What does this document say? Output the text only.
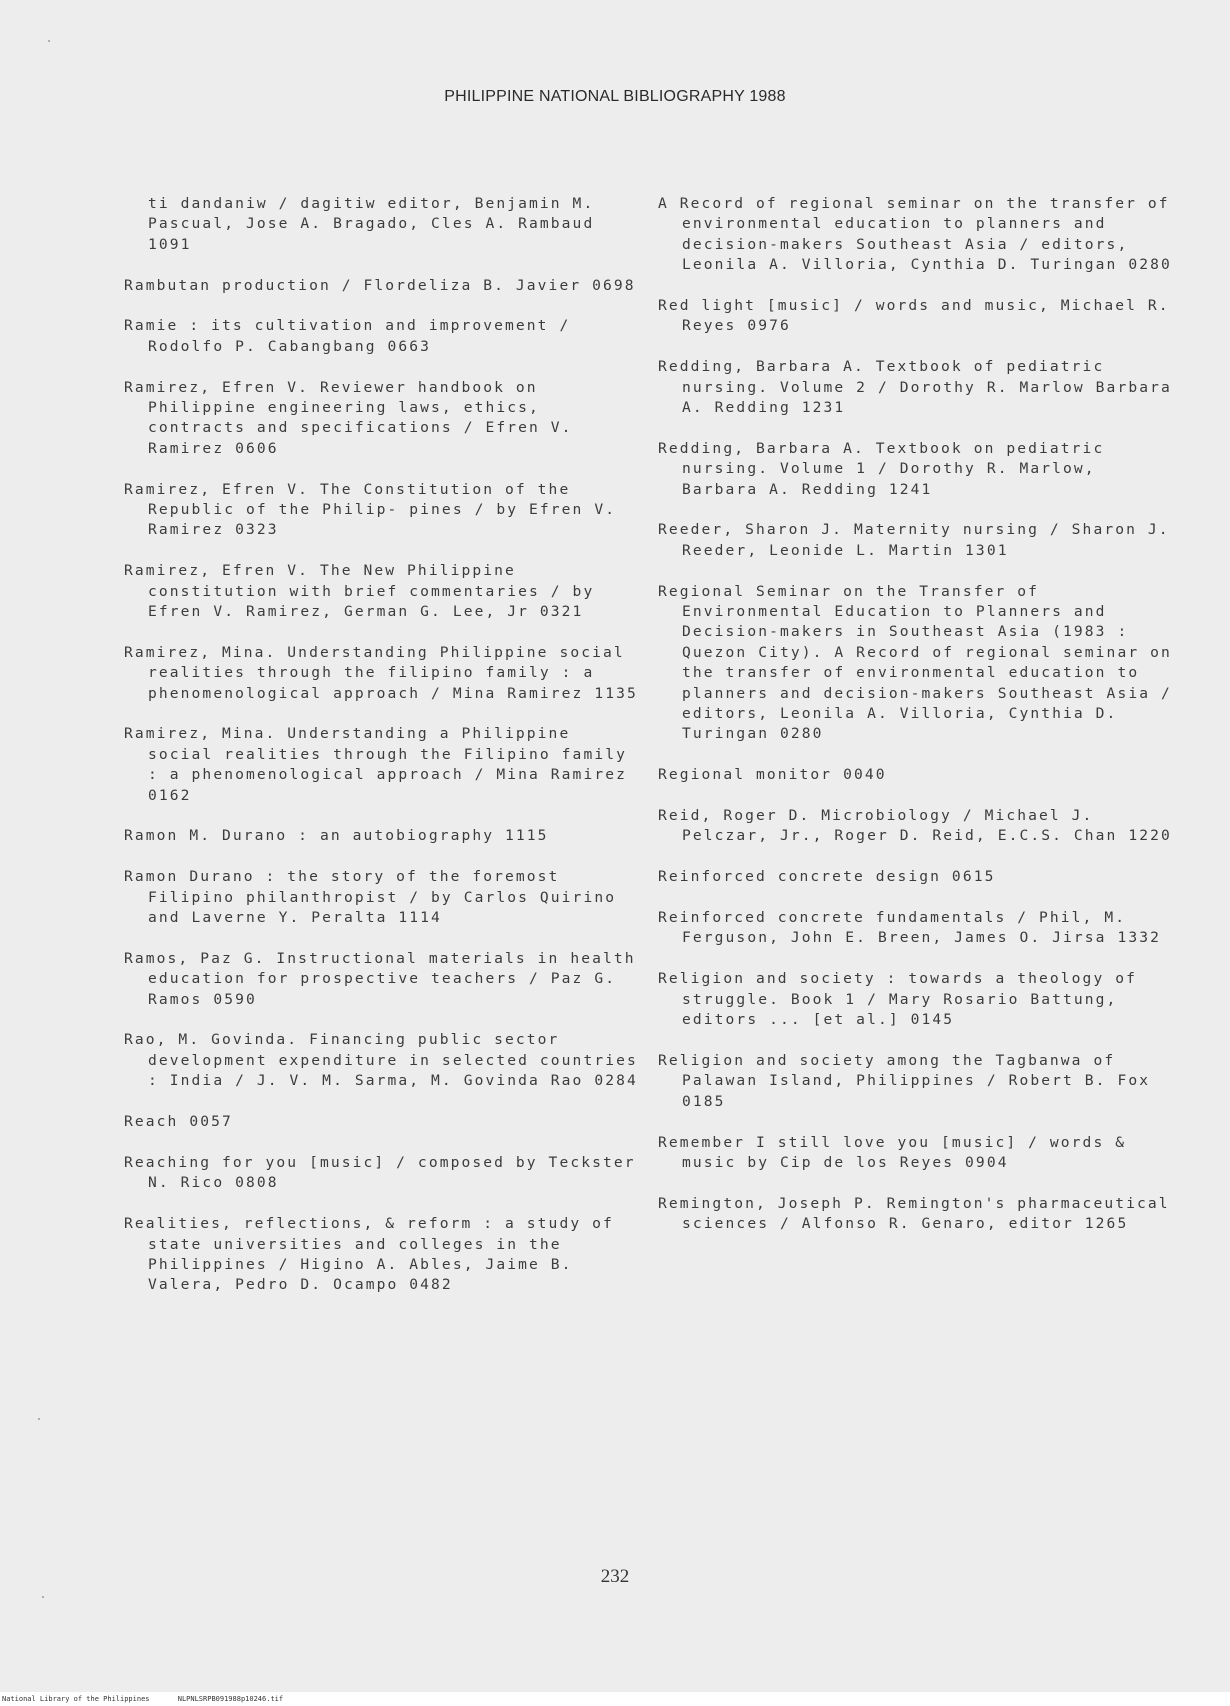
PHILIPPINE NATIONAL BIBLIOGRAPHY 1988
ti dandaniw / dagitiw editor, Benjamin M. Pascual, Jose A. Bragado, Cles A. Rambaud 1091
Rambutan production / Flordeliza B. Javier 0698
Ramie : its cultivation and improvement / Rodolfo P. Cabangbang 0663
Ramirez, Efren V. Reviewer handbook on Philippine engineering laws, ethics, contracts and specifications / Efren V. Ramirez 0606
Ramirez, Efren V. The Constitution of the Republic of the Philip- pines / by Efren V. Ramirez 0323
Ramirez, Efren V. The New Philippine constitution with brief commentaries / by Efren V. Ramirez, German G. Lee, Jr 0321
Ramirez, Mina. Understanding Philippine social realities through the filipino family : a phenomenological approach / Mina Ramirez 1135
Ramirez, Mina. Understanding a Philippine social realities through the Filipino family : a phenomenological approach / Mina Ramirez 0162
Ramon M. Durano : an autobiography 1115
Ramon Durano : the story of the foremost Filipino philanthropist / by Carlos Quirino and Laverne Y. Peralta 1114
Ramos, Paz G. Instructional materials in health education for prospective teachers / Paz G. Ramos 0590
Rao, M. Govinda. Financing public sector development expenditure in selected countries : India / J. V. M. Sarma, M. Govinda Rao 0284
Reach 0057
Reaching for you [music] / composed by Teckster N. Rico 0808
Realities, reflections, & reform : a study of state universities and colleges in the Philippines / Higino A. Ables, Jaime B. Valera, Pedro D. Ocampo 0482
A Record of regional seminar on the transfer of environmental education to planners and decision-makers Southeast Asia / editors, Leonila A. Villoria, Cynthia D. Turingan 0280
Red light [music] / words and music, Michael R. Reyes 0976
Redding, Barbara A. Textbook of pediatric nursing. Volume 2 / Dorothy R. Marlow Barbara A. Redding 1231
Redding, Barbara A. Textbook on pediatric nursing. Volume 1 / Dorothy R. Marlow, Barbara A. Redding 1241
Reeder, Sharon J. Maternity nursing / Sharon J. Reeder, Leonide L. Martin 1301
Regional Seminar on the Transfer of Environmental Education to Planners and Decision-makers in Southeast Asia (1983 : Quezon City). A Record of regional seminar on the transfer of environmental education to planners and decision-makers Southeast Asia / editors, Leonila A. Villoria, Cynthia D. Turingan 0280
Regional monitor 0040
Reid, Roger D. Microbiology / Michael J. Pelczar, Jr., Roger D. Reid, E.C.S. Chan 1220
Reinforced concrete design 0615
Reinforced concrete fundamentals / Phil, M. Ferguson, John E. Breen, James O. Jirsa 1332
Religion and society : towards a theology of struggle. Book 1 / Mary Rosario Battung, editors ... [et al.] 0145
Religion and society among the Tagbanwa of Palawan Island, Philippines / Robert B. Fox 0185
Remember I still love you [music] / words & music by Cip de los Reyes 0904
Remington, Joseph P. Remington's pharmaceutical sciences / Alfonso R. Genaro, editor 1265
232
National Library of the Philippines	NLPNLSRPB091988p10246.tif
